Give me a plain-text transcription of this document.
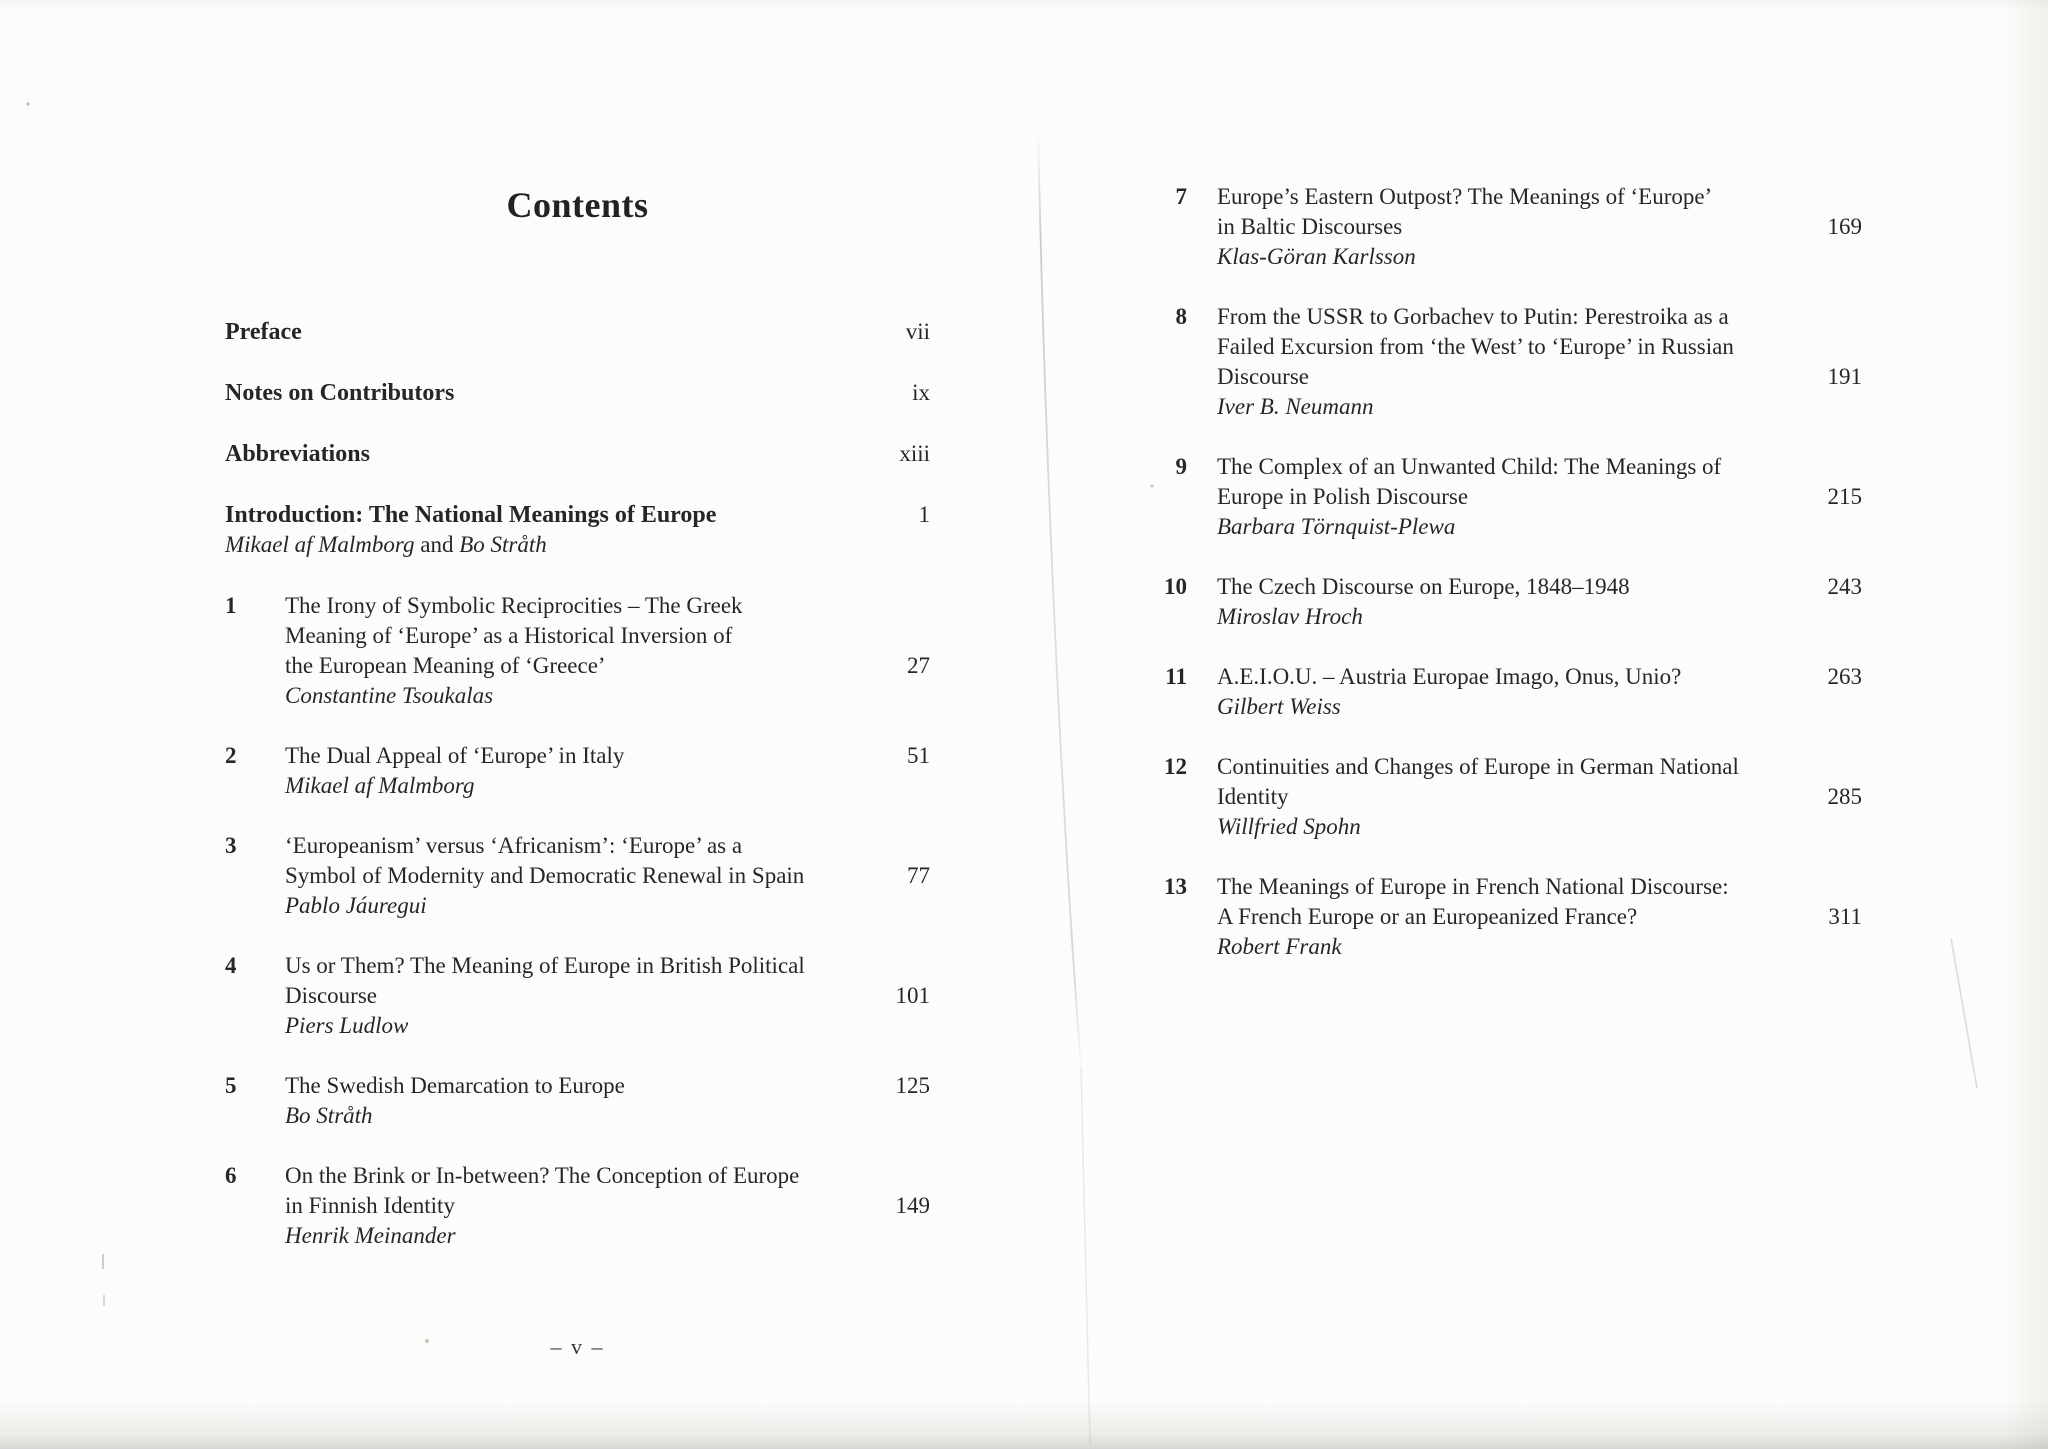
Contents
Preface	vii
Notes on Contributors	ix
Abbreviations	xiii
Introduction: The National Meanings of Europe	1
Mikael af Malmborg and Bo Stråth
1	The Irony of Symbolic Reciprocities – The Greek
Meaning of ‘Europe’ as a Historical Inversion of
the European Meaning of ‘Greece’	27
Constantine Tsoukalas
2	The Dual Appeal of ‘Europe’ in Italy	51
Mikael af Malmborg
3	‘Europeanism’ versus ‘Africanism’: ‘Europe’ as a
Symbol of Modernity and Democratic Renewal in Spain	77
Pablo Jáuregui
4	Us or Them? The Meaning of Europe in British Political
Discourse	101
Piers Ludlow
5	The Swedish Demarcation to Europe	125
Bo Stråth
6	On the Brink or In-between? The Conception of Europe
in Finnish Identity	149
Henrik Meinander
7 Europe’s Eastern Outpost? The Meanings of ‘Europe’
in Baltic Discourses	169
Klas-Göran Karlsson
8 From the USSR to Gorbachev to Putin: Perestroika as a
Failed Excursion from ‘the West’ to ‘Europe’ in Russian
Discourse	191
Iver B. Neumann
9 The Complex of an Unwanted Child: The Meanings of
Europe in Polish Discourse	215
Barbara Törnquist-Plewa
10 The Czech Discourse on Europe, 1848–1948	243
Miroslav Hroch
11 A.E.I.O.U. – Austria Europae Imago, Onus, Unio?	263
Gilbert Weiss
12 Continuities and Changes of Europe in German National
Identity	285
Willfried Spohn
13 The Meanings of Europe in French National Discourse:
A French Europe or an Europeanized France?	311
Robert Frank
– v –
